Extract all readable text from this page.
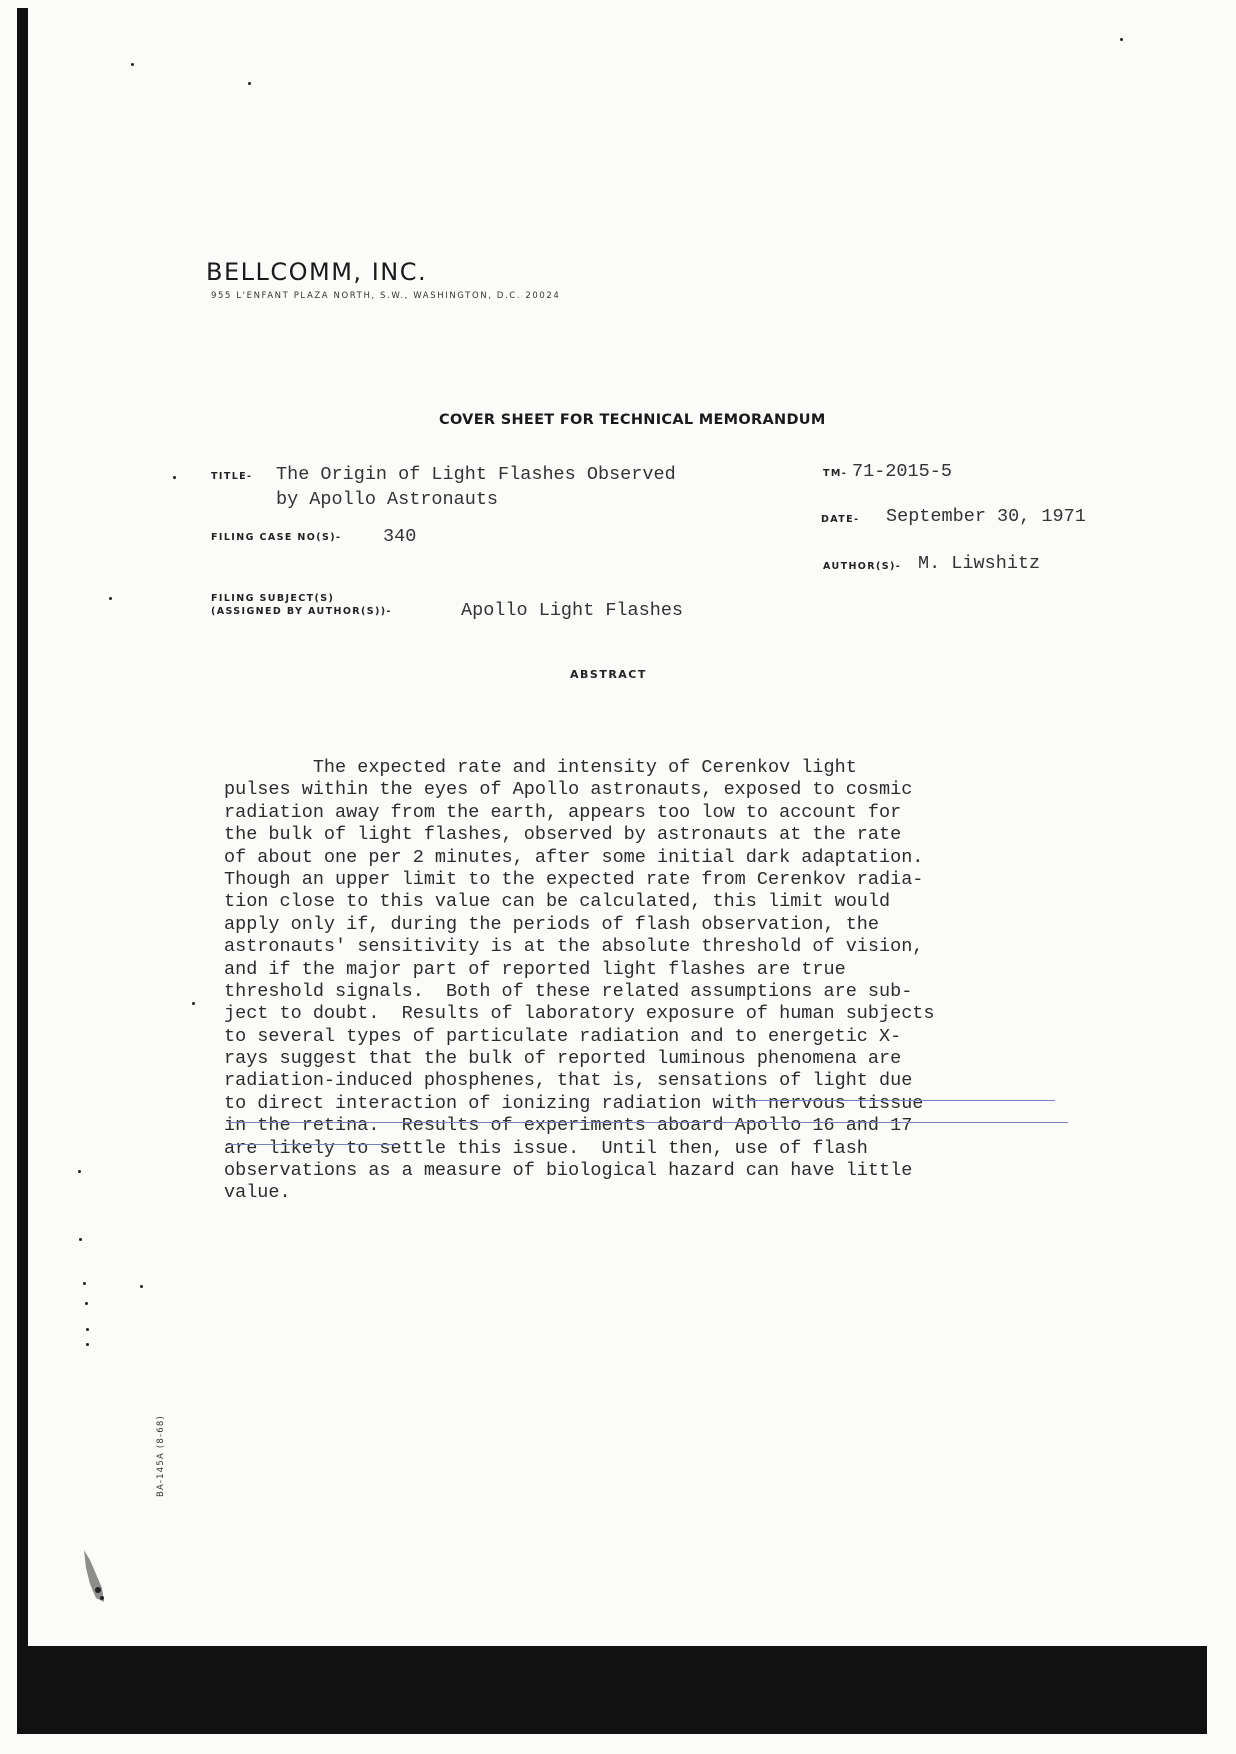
BELLCOMM, INC.
955 L'ENFANT PLAZA NORTH, S.W., WASHINGTON, D.C. 20024
COVER SHEET FOR TECHNICAL MEMORANDUM
TITLE- The Origin of Light Flashes Observed
by Apollo Astronauts
TM- 71-2015-5
DATE- September 30, 1971
FILING CASE NO(S)- 340
AUTHOR(S)- M. Liwshitz
FILING SUBJECT(S)
(ASSIGNED BY AUTHOR(S))-	Apollo Light Flashes
ABSTRACT
The expected rate and intensity of Cerenkov light
pulses within the eyes of Apollo astronauts, exposed to cosmic
radiation away from the earth, appears too low to account for
the bulk of light flashes, observed by astronauts at the rate
of about one per 2 minutes, after some initial dark adaptation.
Though an upper limit to the expected rate from Cerenkov radia-
tion close to this value can be calculated, this limit would
apply only if, during the periods of flash observation, the
astronauts' sensitivity is at the absolute threshold of vision,
and if the major part of reported light flashes are true
threshold signals.  Both of these related assumptions are sub-
ject to doubt.  Results of laboratory exposure of human subjects
to several types of particulate radiation and to energetic X-
rays suggest that the bulk of reported luminous phenomena are
radiation-induced phosphenes, that is, sensations of light due
to direct interaction of ionizing radiation with nervous tissue
in the retina.  Results of experiments aboard Apollo 16 and 17
are likely to settle this issue.  Until then, use of flash
observations as a measure of biological hazard can have little
value.
BA-145A (8-68)
